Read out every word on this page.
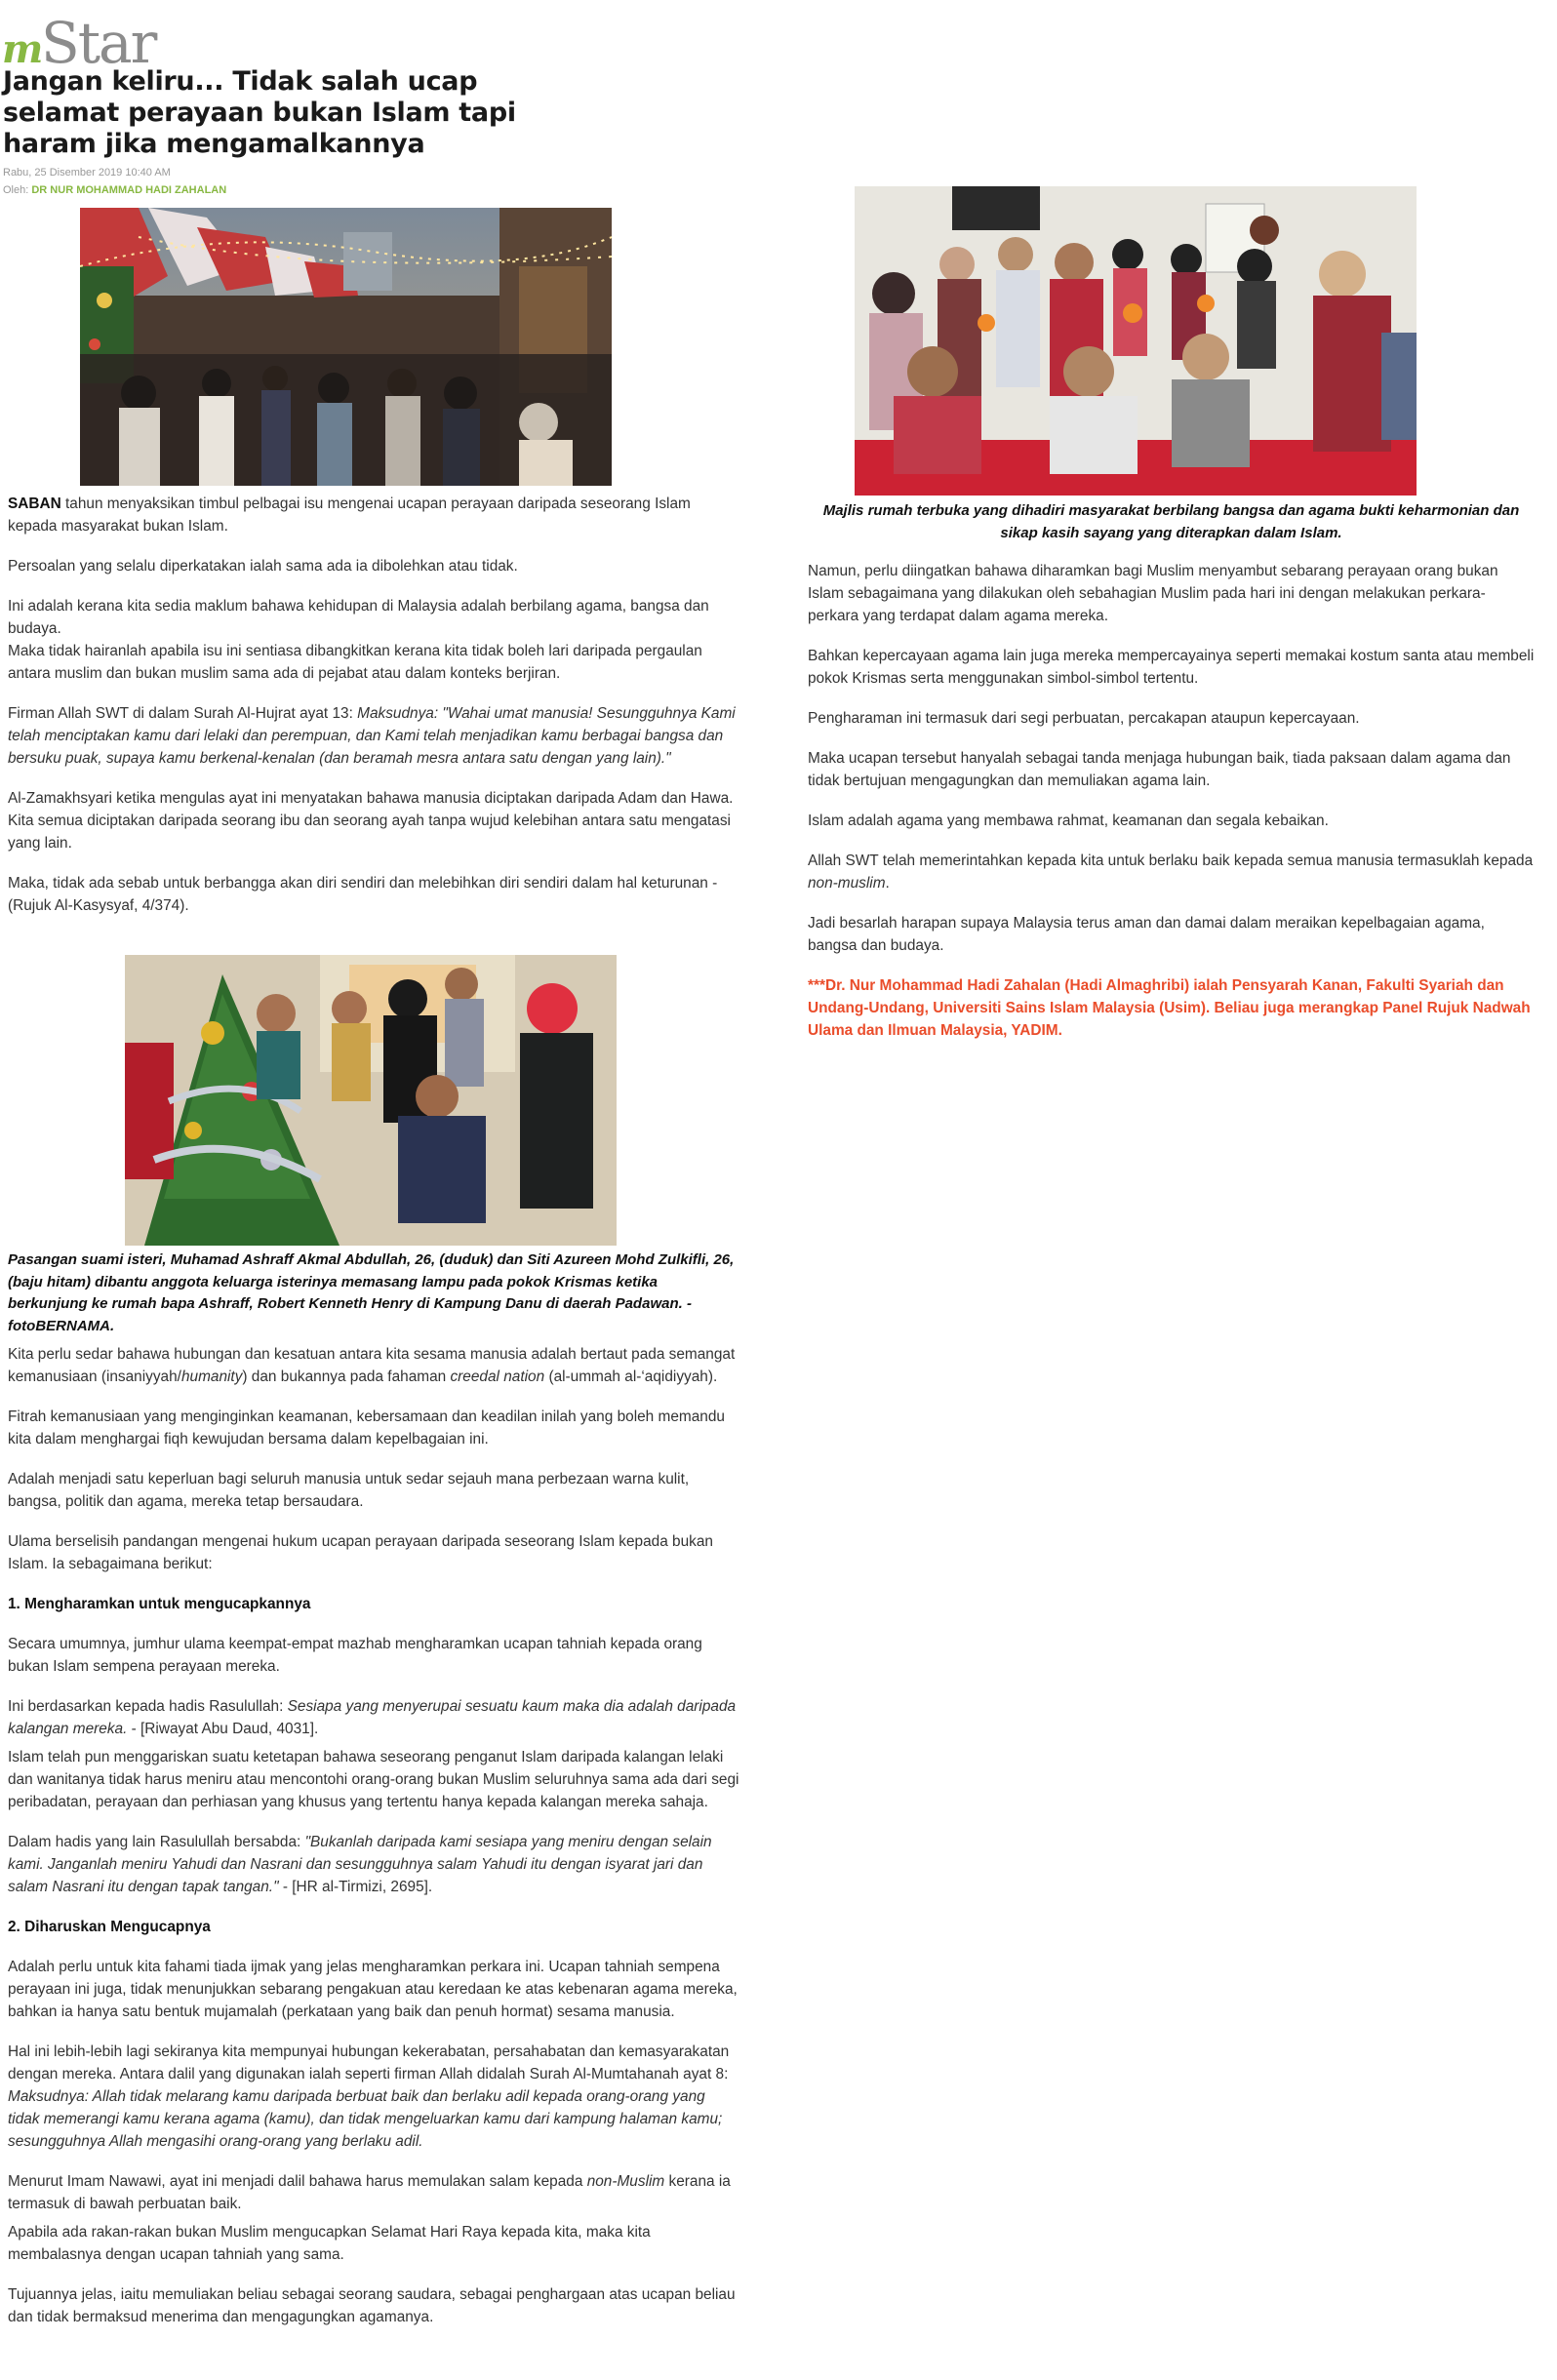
m
Star
Jangan keliru... Tidak salah ucap selamat perayaan bukan Islam tapi haram jika mengamalkannya
Rabu, 25 Disember 2019 10:40 AM
Oleh: DR NUR MOHAMMAD HADI ZAHALAN

SABAN tahun menyaksikan timbul pelbagai isu mengenai ucapan perayaan daripada seseorang Islam kepada masyarakat bukan Islam.

Persoalan yang selalu diperkatakan ialah sama ada ia dibolehkan atau tidak.

Ini adalah kerana kita sedia maklum bahawa kehidupan di Malaysia adalah berbilang agama, bangsa dan budaya.

Maka tidak hairanlah apabila isu ini sentiasa dibangkitkan kerana kita tidak boleh lari daripada pergaulan antara muslim dan bukan muslim sama ada di pejabat atau dalam konteks berjiran.

Firman Allah SWT di dalam Surah Al-Hujrat ayat 13: Maksudnya: "Wahai umat manusia! Sesungguhnya Kami telah menciptakan kamu dari lelaki dan perempuan, dan Kami telah menjadikan kamu berbagai bangsa dan bersuku puak, supaya kamu berkenal-kenalan (dan beramah mesra antara satu dengan yang lain)."

Al-Zamakhsyari ketika mengulas ayat ini menyatakan bahawa manusia diciptakan daripada Adam dan Hawa. Kita semua diciptakan daripada seorang ibu dan seorang ayah tanpa wujud kelebihan antara satu mengatasi yang lain.

Maka, tidak ada sebab untuk berbangga akan diri sendiri dan melebihkan diri sendiri dalam hal keturunan - (Rujuk Al-Kasysyaf, 4/374).

Pasangan suami isteri, Muhamad Ashraff Akmal Abdullah, 26, (duduk) dan Siti Azureen Mohd Zulkifli, 26, (baju hitam) dibantu anggota keluarga isterinya memasang lampu pada pokok Krismas ketika berkunjung ke rumah bapa Ashraff, Robert Kenneth Henry di Kampung Danu di daerah Padawan. - fotoBERNAMA.

Kita perlu sedar bahawa hubungan dan kesatuan antara kita sesama manusia adalah bertaut pada semangat kemanusiaan (insaniyyah/humanity) dan bukannya pada fahaman creedal nation (al-ummah al-‘aqidiyyah).

Fitrah kemanusiaan yang menginginkan keamanan, kebersamaan dan keadilan inilah yang boleh memandu kita dalam menghargai fiqh kewujudan bersama dalam kepelbagaian ini.

Adalah menjadi satu keperluan bagi seluruh manusia untuk sedar sejauh mana perbezaan warna kulit, bangsa, politik dan agama, mereka tetap bersaudara.

Ulama berselisih pandangan mengenai hukum ucapan perayaan daripada seseorang Islam kepada bukan Islam. Ia sebagaimana berikut:

1. Mengharamkan untuk mengucapkannya

Secara umumnya, jumhur ulama keempat-empat mazhab mengharamkan ucapan tahniah kepada orang bukan Islam sempena perayaan mereka.

Ini berdasarkan kepada hadis Rasulullah: Sesiapa yang menyerupai sesuatu kaum maka dia adalah daripada kalangan mereka. - [Riwayat Abu Daud, 4031].

Islam telah pun menggariskan suatu ketetapan bahawa seseorang penganut Islam daripada kalangan lelaki dan wanitanya tidak harus meniru atau mencontohi orang-orang bukan Muslim seluruhnya sama ada dari segi peribadatan, perayaan dan perhiasan yang khusus yang tertentu hanya kepada kalangan mereka sahaja.

Dalam hadis yang lain Rasulullah bersabda: "Bukanlah daripada kami sesiapa yang meniru dengan selain kami. Janganlah meniru Yahudi dan Nasrani dan sesungguhnya salam Yahudi itu dengan isyarat jari dan salam Nasrani itu dengan tapak tangan." - [HR al-Tirmizi, 2695].

2. Diharuskan Mengucapnya

Adalah perlu untuk kita fahami tiada ijmak yang jelas mengharamkan perkara ini. Ucapan tahniah sempena perayaan ini juga, tidak menunjukkan sebarang pengakuan atau keredaan ke atas kebenaran agama mereka, bahkan ia hanya satu bentuk mujamalah (perkataan yang baik dan penuh hormat) sesama manusia.

Hal ini lebih-lebih lagi sekiranya kita mempunyai hubungan kekerabatan, persahabatan dan kemasyarakatan dengan mereka. Antara dalil yang digunakan ialah seperti firman Allah didalah Surah Al-Mumtahanah ayat 8: Maksudnya: Allah tidak melarang kamu daripada berbuat baik dan berlaku adil kepada orang-orang yang tidak memerangi kamu kerana agama (kamu), dan tidak mengeluarkan kamu dari kampung halaman kamu; sesungguhnya Allah mengasihi orang-orang yang berlaku adil.

Menurut Imam Nawawi, ayat ini menjadi dalil bahawa harus memulakan salam kepada non-Muslim kerana ia termasuk di bawah perbuatan baik.

Apabila ada rakan-rakan bukan Muslim mengucapkan Selamat Hari Raya kepada kita, maka kita membalasnya dengan ucapan tahniah yang sama.

Tujuannya jelas, iaitu memuliakan beliau sebagai seorang saudara, sebagai penghargaan atas ucapan beliau dan tidak bermaksud menerima dan mengagungkan agamanya.

Majlis rumah terbuka yang dihadiri masyarakat berbilang bangsa dan agama bukti keharmonian dan sikap kasih sayang yang diterapkan dalam Islam.

Namun, perlu diingatkan bahawa diharamkan bagi Muslim menyambut sebarang perayaan orang bukan Islam sebagaimana yang dilakukan oleh sebahagian Muslim pada hari ini dengan melakukan perkara-perkara yang terdapat dalam agama mereka.

Bahkan kepercayaan agama lain juga mereka mempercayainya seperti memakai kostum santa atau membeli pokok Krismas serta menggunakan simbol-simbol tertentu.

Pengharaman ini termasuk dari segi perbuatan, percakapan ataupun kepercayaan.

Maka ucapan tersebut hanyalah sebagai tanda menjaga hubungan baik, tiada paksaan dalam agama dan tidak bertujuan mengagungkan dan memuliakan agama lain.

Islam adalah agama yang membawa rahmat, keamanan dan segala kebaikan.

Allah SWT telah memerintahkan kepada kita untuk berlaku baik kepada semua manusia termasuklah kepada non-muslim.

Jadi besarlah harapan supaya Malaysia terus aman dan damai dalam meraikan kepelbagaian agama, bangsa dan budaya.

***Dr. Nur Mohammad Hadi Zahalan (Hadi Almaghribi) ialah Pensyarah Kanan, Fakulti Syariah dan Undang-Undang, Universiti Sains Islam Malaysia (Usim). Beliau juga merangkap Panel Rujuk Nadwah Ulama dan Ilmuan Malaysia, YADIM.
